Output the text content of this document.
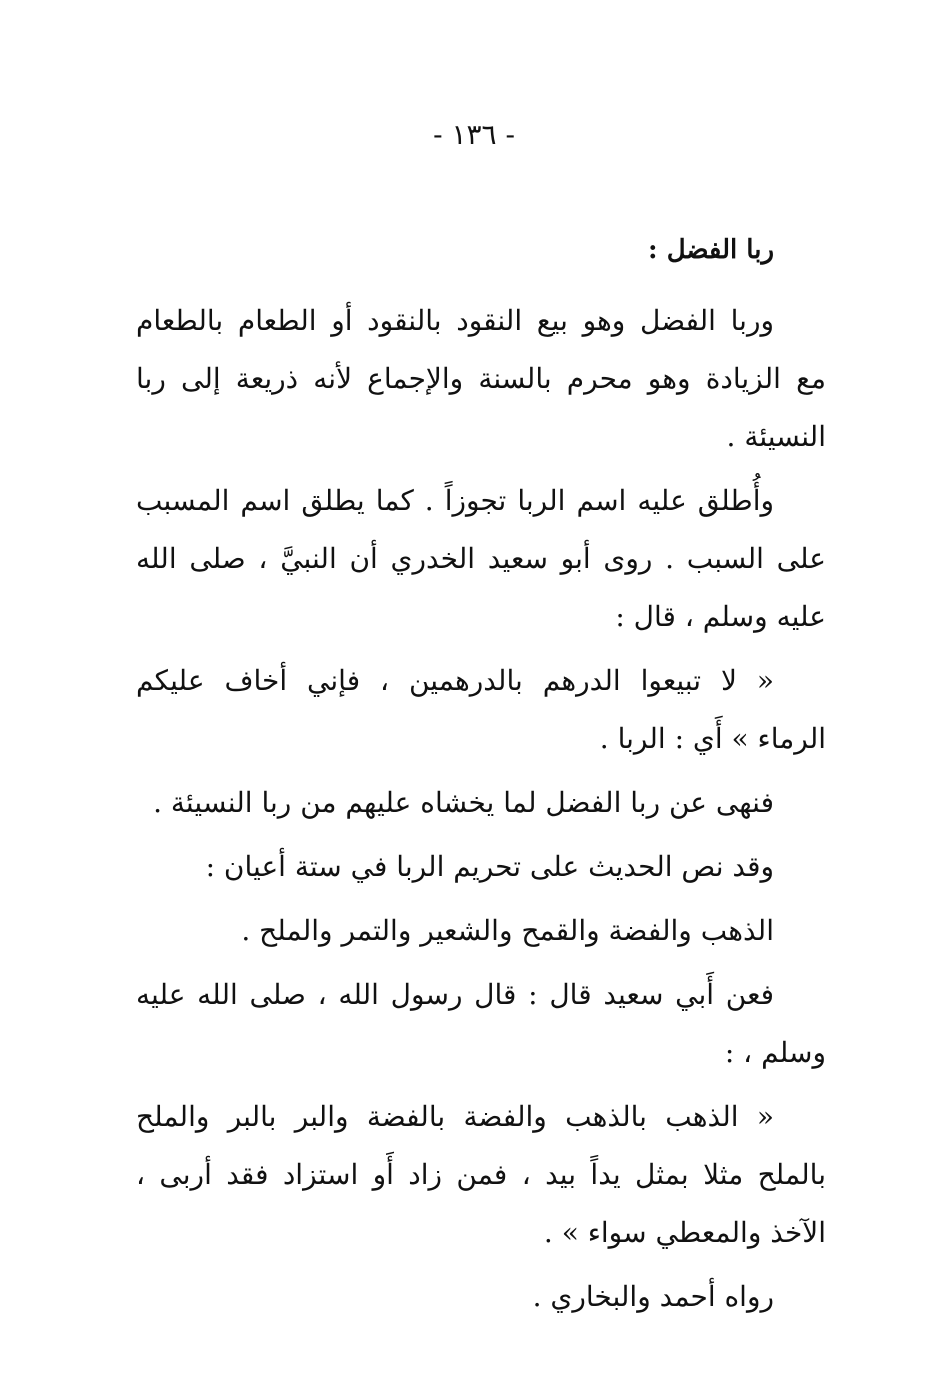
- ١٣٦ -
ربا الفضل :
وربا الفضل وهو بيع النقود بالنقود أو الطعام بالطعام
مع الزيادة وهو محرم بالسنة والإجماع لأنه ذريعة إلى ربا
النسيئة .
وأُطلق عليه اسم الربا تجوزاً . كما يطلق اسم المسبب
على السبب . روى أبو سعيد الخدري أن النبيَّ ، صلى الله
عليه وسلم ، قال :
« لا تبيعوا الدرهم بالدرهمين ، فإني أخاف عليكم
الرماء » أَي : الربا .
فنهى عن ربا الفضل لما يخشاه عليهم من ربا النسيئة .
وقد نص الحديث على تحريم الربا في ستة أعيان :
الذهب والفضة والقمح والشعير والتمر والملح .
فعن أَبي سعيد قال : قال رسول الله ، صلى الله عليه
وسلم ، :
« الذهب بالذهب والفضة بالفضة والبر بالبر والملح
بالملح مثلا بمثل يداً بيد ، فمن زاد أَو استزاد فقد أربى ،
الآخذ والمعطي سواء » .
رواه أحمد والبخاري .
